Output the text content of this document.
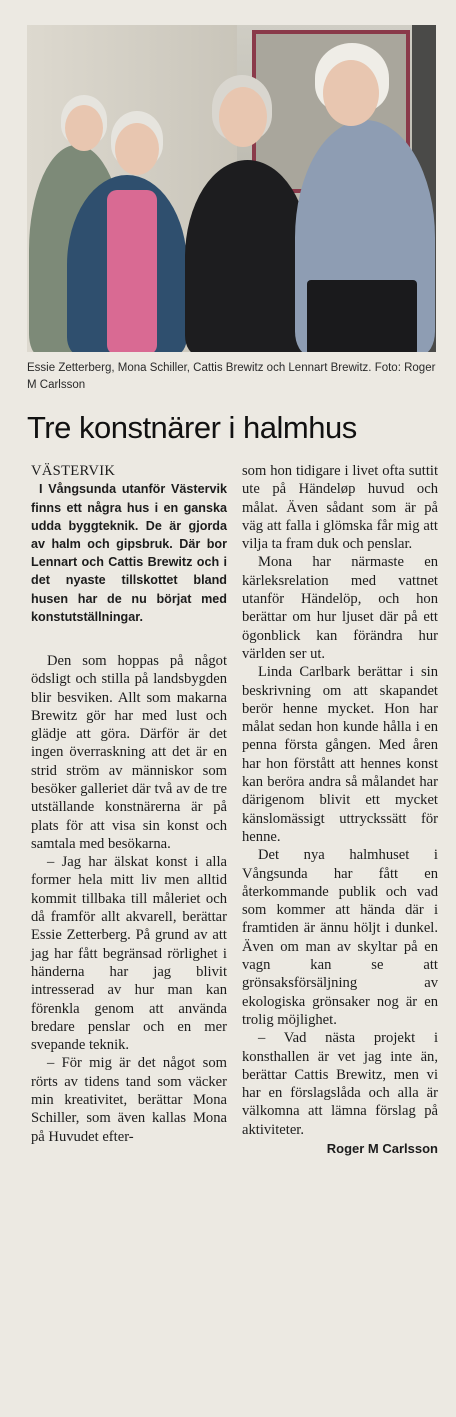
Essie Zetterberg, Mona Schiller, Cattis Brewitz och Lennart Brewitz. Foto: Roger M Carlsson
Tre konstnärer i halmhus
VÄSTERVIK

I Vångsunda utanför Västervik finns ett några hus i en ganska udda byggteknik. De är gjorda av halm och gipsbruk. Där bor Lennart och Cattis Brewitz och i det nyaste tillskottet bland husen har de nu börjat med konstutställningar.

Den som hoppas på något ödsligt och stilla på landsbygden blir besviken. Allt som makarna Brewitz gör har med lust och glädje att göra. Därför är det ingen överraskning att det är en strid ström av människor som besöker galleriet där två av de tre utställande konstnärerna är på plats för att visa sin konst och samtala med besökarna.

– Jag har älskat konst i alla former hela mitt liv men alltid kommit tillbaka till måleriet och då framför allt akvarell, berättar Essie Zetterberg. På grund av att jag har fått begränsad rörlighet i händerna har jag blivit intresserad av hur man kan förenkla genom att använda bredare penslar och en mer svepande teknik.

– För mig är det något som rörts av tidens tand som väcker min kreativitet, berättar Mona Schiller, som även kallas Mona på Huvudet efter-

som hon tidigare i livet ofta suttit ute på Händeløp huvud och målat. Även sådant som är på väg att falla i glömska får mig att vilja ta fram duk och penslar.

Mona har närmaste en kärleksrelation med vattnet utanför Händelöp, och hon berättar om hur ljuset där på ett ögonblick kan förändra hur världen ser ut.

Linda Carlbark berättar i sin beskrivning om att skapandet berör henne mycket. Hon har målat sedan hon kunde hålla i en penna första gången. Med åren har hon förstått att hennes konst kan beröra andra så målandet har därigenom blivit ett mycket känslomässigt uttryckssätt för henne.

Det nya halmhuset i Vångsunda har fått en återkommande publik och vad som kommer att hända där i framtiden är ännu höljt i dunkel. Även om man av skyltar på en vagn kan se att grönsaksförsäljning av ekologiska grönsaker nog är en trolig möjlighet.

– Vad nästa projekt i konsthallen är vet jag inte än, berättar Cattis Brewitz, men vi har en förslagslåda och alla är välkomna att lämna förslag på aktiviteter.

Roger M Carlsson
